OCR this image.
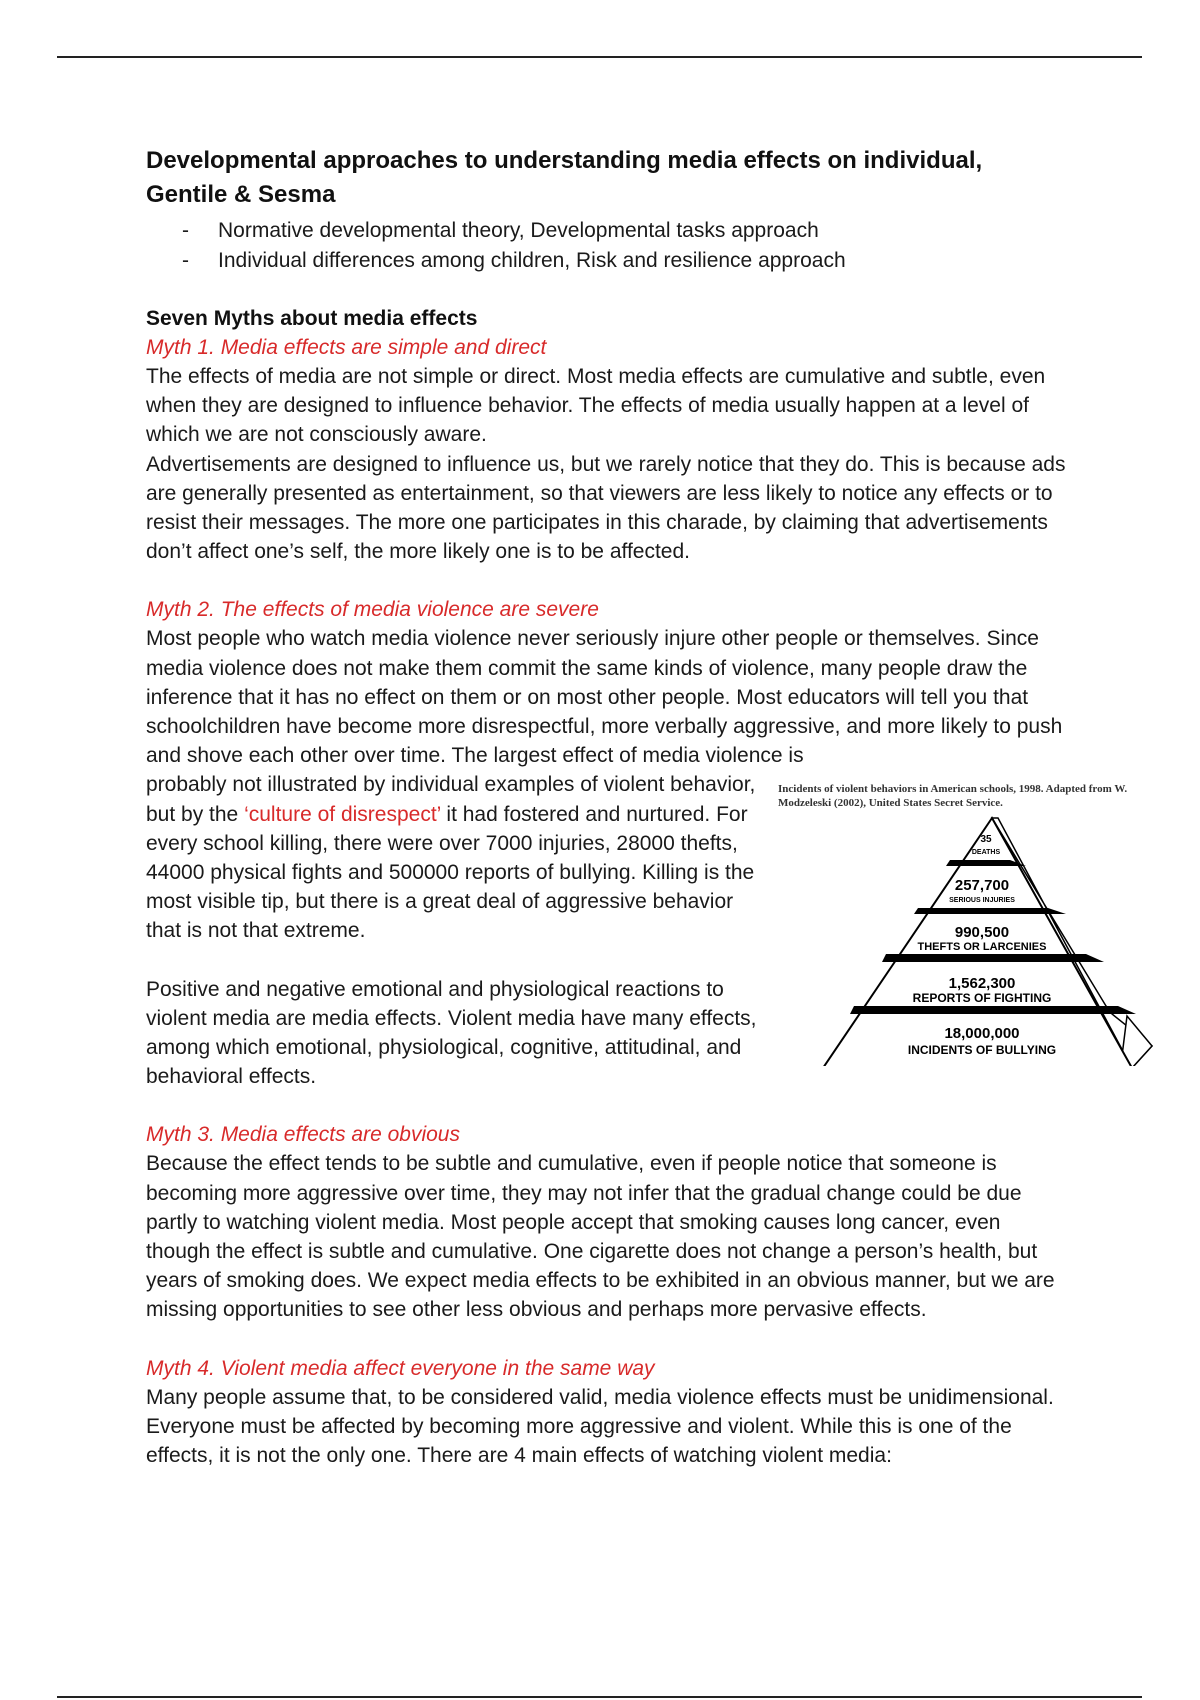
Developmental approaches to understanding media effects on individual, Gentile & Sesma
- Normative developmental theory, Developmental tasks approach
- Individual differences among children, Risk and resilience approach
Seven Myths about media effects
Myth 1. Media effects are simple and direct

The effects of media are not simple or direct. Most media effects are cumulative and subtle, even when they are designed to influence behavior. The effects of media usually happen at a level of which we are not consciously aware.

Advertisements are designed to influence us, but we rarely notice that they do. This is because ads are generally presented as entertainment, so that viewers are less likely to notice any effects or to resist their messages. The more one participates in this charade, by claiming that advertisements don’t affect one’s self, the more likely one is to be affected.

Myth 2. The effects of media violence are severe

Most people who watch media violence never seriously injure other people or themselves. Since media violence does not make them commit the same kinds of violence, many people draw the inference that it has no effect on them or on most other people. Most educators will tell you that schoolchildren have become more disrespectful, more verbally aggressive, and more likely to push and shove each other over time. The largest effect of media violence is

probably not illustrated by individual examples of violent behavior, but by the ‘culture of disrespect’ it had fostered and nurtured. For every school killing, there were over 7000 injuries, 28000 thefts, 44000 physical fights and 500000 reports of bullying. Killing is the most visible tip, but there is a great deal of aggressive behavior that is not that extreme.

Positive and negative emotional and physiological reactions to violent media are media effects. Violent media have many effects, among which emotional, physiological, cognitive, attitudinal, and behavioral effects.

Myth 3. Media effects are obvious

Because the effect tends to be subtle and cumulative, even if people notice that someone is becoming more aggressive over time, they may not infer that the gradual change could be due partly to watching violent media. Most people accept that smoking causes long cancer, even though the effect is subtle and cumulative. One cigarette does not change a person’s health, but years of smoking does. We expect media effects to be exhibited in an obvious manner, but we are missing opportunities to see other less obvious and perhaps more pervasive effects.

Myth 4. Violent media affect everyone in the same way

Many people assume that, to be considered valid, media violence effects must be unidimensional. Everyone must be affected by becoming more aggressive and violent. While this is one of the effects, it is not the only one. There are 4 main effects of watching violent media:

Incidents of violent behaviors in American schools, 1998. Adapted from W. Modzeleski (2002), United States Secret Service.

35
DEATHS
257,700
SERIOUS INJURIES
990,500
THEFTS OR LARCENIES
1,562,300
REPORTS OF FIGHTING
18,000,000
INCIDENTS OF BULLYING
